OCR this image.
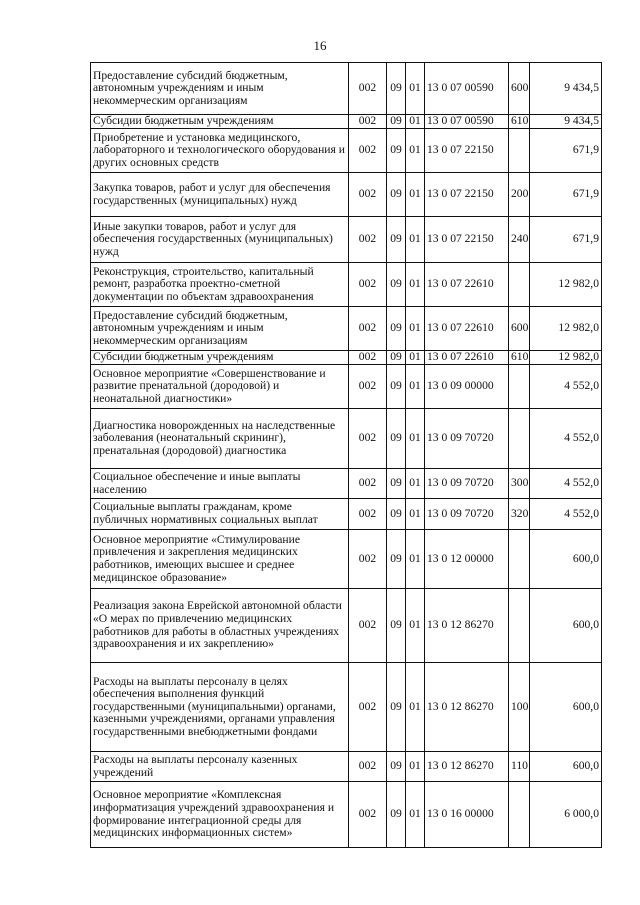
16
Предоставление субсидий бюджетным, автономным учреждениям и иным некоммерческим организациям	002	09	01	13 0 07 00590	600	9 434,5
Субсидии бюджетным учреждениям	002	09	01	13 0 07 00590	610	9 434,5
Приобретение и установка медицинского, лабораторного и технологического оборудования и других основных средств	002	09	01	13 0 07 22150		671,9
Закупка товаров, работ и услуг для обеспечения государственных (муниципальных) нужд	002	09	01	13 0 07 22150	200	671,9
Иные закупки товаров, работ и услуг для обеспечения государственных (муниципальных) нужд	002	09	01	13 0 07 22150	240	671,9
Реконструкция, строительство, капитальный ремонт, разработка проектно-сметной документации по объектам здравоохранения	002	09	01	13 0 07 22610		12 982,0
Предоставление субсидий бюджетным, автономным учреждениям и иным некоммерческим организациям	002	09	01	13 0 07 22610	600	12 982,0
Субсидии бюджетным учреждениям	002	09	01	13 0 07 22610	610	12 982,0
Основное мероприятие «Совершенствование и развитие пренатальной (дородовой) и неонатальной диагностики»	002	09	01	13 0 09 00000		4 552,0
Диагностика новорожденных на наследственные заболевания (неонатальный скрининг), пренатальная (дородовой) диагностика	002	09	01	13 0 09 70720		4 552,0
Социальное обеспечение и иные выплаты населению	002	09	01	13 0 09 70720	300	4 552,0
Социальные выплаты гражданам, кроме публичных нормативных социальных выплат	002	09	01	13 0 09 70720	320	4 552,0
Основное мероприятие «Стимулирование привлечения и закрепления медицинских работников, имеющих высшее и среднее медицинское образование»	002	09	01	13 0 12 00000		600,0
Реализация закона Еврейской автономной области «О мерах по привлечению медицинских работников для работы в областных учреждениях здравоохранения и их закреплению»	002	09	01	13 0 12 86270		600,0
Расходы на выплаты персоналу в целях обеспечения выполнения функций государственными (муниципальными) органами, казенными учреждениями, органами управления государственными внебюджетными фондами	002	09	01	13 0 12 86270	100	600,0
Расходы на выплаты персоналу казенных учреждений	002	09	01	13 0 12 86270	110	600,0
Основное мероприятие «Комплексная информатизация учреждений здравоохранения и формирование интеграционной среды для медицинских информационных систем»	002	09	01	13 0 16 00000		6 000,0
